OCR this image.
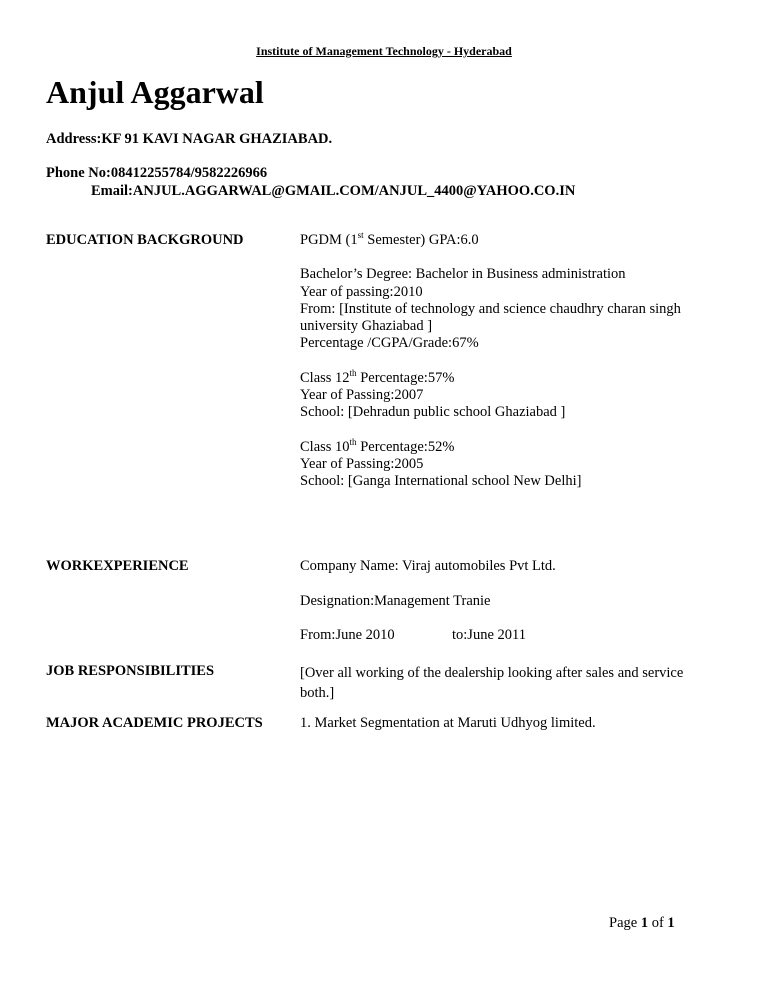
Institute of Management Technology - Hyderabad
Anjul Aggarwal
Address:KF 91 KAVI NAGAR GHAZIABAD.
Phone No:08412255784/9582226966
Email:ANJUL.AGGARWAL@GMAIL.COM/ANJUL_4400@YAHOO.CO.IN
EDUCATION BACKGROUND	PGDM (1st Semester) GPA:6.0
Bachelor’s Degree: Bachelor in Business administration
Year of passing:2010
From: [Institute of technology and science chaudhry charan singh university Ghaziabad ]
Percentage /CGPA/Grade:67%
Class 12th Percentage:57%
Year of Passing:2007
School: [Dehradun public school Ghaziabad ]
Class 10th Percentage:52%
Year of Passing:2005
School: [Ganga International school New Delhi]
WORKEXPERIENCE	Company Name: Viraj automobiles Pvt Ltd.
Designation:Management Tranie
From:June 2010	to:June 2011
JOB RESPONSIBILITIES	[Over all working of the dealership looking after sales and service both.]
MAJOR ACADEMIC PROJECTS	1. Market Segmentation at Maruti Udhyog limited.
Page 1 of 1
